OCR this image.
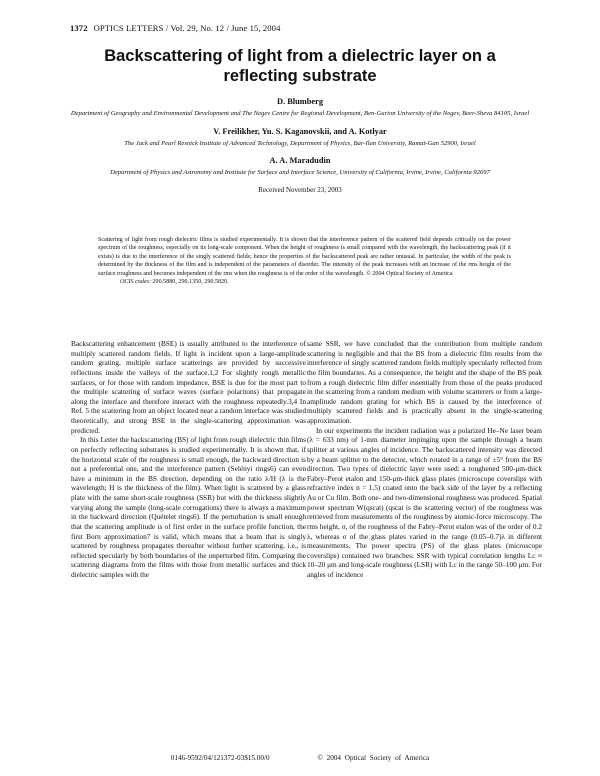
1372 OPTICS LETTERS / Vol. 29, No. 12 / June 15, 2004
Backscattering of light from a dielectric layer on a reflecting substrate
D. Blumberg
Department of Geography and Environmental Development and The Negev Centre for Regional Development, Ben-Gurion University of the Negev, Beer-Sheva 84105, Israel
V. Freilikher, Yu. S. Kaganovskii, and A. Kotlyar
The Jack and Pearl Resnick Institute of Advanced Technology, Department of Physics, Bar-Ilan University, Ramat-Gan 52900, Israel
A. A. Maradudin
Department of Physics and Astronomy and Institute for Surface and Interface Science, University of California, Irvine, Irvine, California 92697
Received November 23, 2003
Scattering of light from rough dielectric films is studied experimentally. It is shown that the interference pattern of the scattered field depends critically on the power spectrum of the roughness, especially on its long-scale component. When the height of roughness is small compared with the wavelength, the backscattering peak (if it exists) is due to the interference of the singly scattered fields; hence the properties of the backscattered peak are rather unusual. In particular, the width of the peak is determined by the thickness of the film and is independent of the parameters of disorder. The intensity of the peak increases with an increase of the rms height of the surface roughness and becomes independent of the rms when the roughness is of the order of the wavelength. © 2004 Optical Society of America
OCIS codes: 290.5880, 290.1350, 290.5820.

Backscattering enhancement (BSE) is usually attributed to the interference of multiply scattered random fields. If light is incident upon a large-amplitude random grating, multiple surface scatterings are provided by successive reflections inside the valleys of the surface.1,2 For slightly rough metallic surfaces, or for those with random impedance, BSE is due for the most part to the multiple scattering of surface waves (surface polaritons) that propagate along the interface and therefore interact with the roughness repeatedly.3,4 In Ref. 5 the scattering from an object located near a random interface was studied theoretically, and strong BSE in the single-scattering approximation was predicted.

In this Letter the backscattering (BS) of light from rough dielectric thin films on perfectly reflecting substrates is studied experimentally. It is shown that, if the horizontal scale of the roughness is small enough, the backward direction is not a preferential one, and the interference pattern (Selényi rings6) can even have a minimum in the BS direction, depending on the ratio λ/H (λ is the wavelength; H is the thickness of the film). When light is scattered by a glass plate with the same short-scale roughness (SSR) but with the thickness slightly varying along the sample (long-scale corrugations) there is always a maximum in the backward direction (Quételet rings6). If the perturbation is small enough that the scattering amplitude is of first order in the surface profile function, the first Born approximation7 is valid, which means that a beam that is singly scattered by roughness propagates thereafter without further scattering, i.e., is reflected specularly by both boundaries of the unperturbed film. Comparing the scattering diagrams from the films with those from metallic surfaces and thick dielectric samples with the

same SSR, we have concluded that the contribution from multiple random scattering is negligible and that the BS from a dielectric film results from the interference of singly scattered random fields multiply specularly reflected from the film boundaries. As a consequence, the height and the shape of the BS peak from a rough dielectric film differ essentially from those of the peaks produced in the scattering from a random medium with volume scatterers or from a large-amplitude random grating for which BS is caused by the interference of multiply scattered fields and is practically absent in the single-scattering approximation.

In our experiments the incident radiation was a polarized He–Ne laser beam (λ = 633 nm) of 1-mm diameter impinging upon the sample through a beam splitter at various angles of incidence. The backscattered intensity was directed by a beam splitter to the detector, which rotated in a range of ±5° from the BS direction. Two types of dielectric layer were used: a roughened 500-μm-thick Fabry–Perot etalon and 150-μm-thick glass plates (microscope coverslips with refractive index n = 1.5) coated onto the back side of the layer by a reflecting Au or Cu film. Both one- and two-dimensional roughness was produced. Spatial power spectrum W(qscat) (qscat is the scattering vector) of the roughness was retrieved from measurements of the roughness by atomic-force microscopy. The rms height, σ, of the roughness of the Fabry–Perot etalon was of the order of 0.2 λ, whereas σ of the glass plates varied in the range (0.05–0.7)λ in different measurements. The power spectra (PS) of the glass plates (microscope coverslips) contained two branches: SSR with typical correlation lengths Lc ≈ 10–20 μm and long-scale roughness (LSR) with Lc in the range 50–100 μm. For angles of incidence

0146-9592/04/121372-03$15.00/0	© 2004 Optical Society of America
